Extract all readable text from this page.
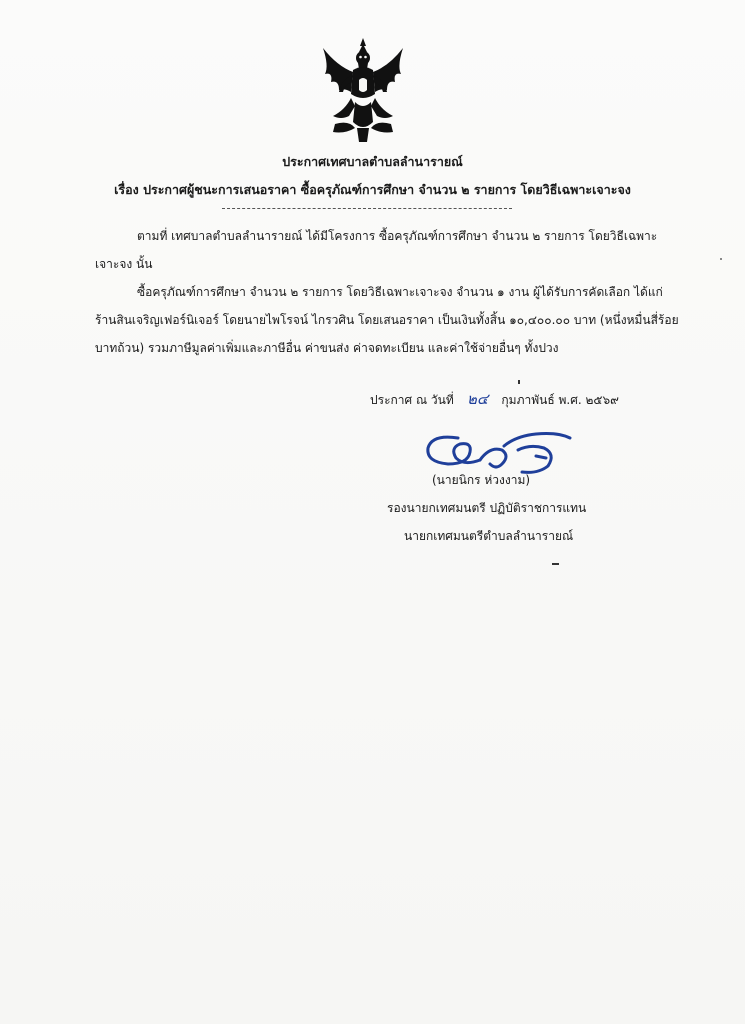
ประกาศเทศบาลตำบลลำนารายณ์
เรื่อง ประกาศผู้ชนะการเสนอราคา ซื้อครุภัณฑ์การศึกษา จำนวน ๒ รายการ โดยวิธีเฉพาะเจาะจง
ตามที่ เทศบาลตำบลลำนารายณ์ ได้มีโครงการ ซื้อครุภัณฑ์การศึกษา จำนวน ๒ รายการ โดยวิธีเฉพาะ
เจาะจง นั้น
ซื้อครุภัณฑ์การศึกษา จำนวน ๒ รายการ โดยวิธีเฉพาะเจาะจง จำนวน ๑ งาน ผู้ได้รับการคัดเลือก ได้แก่
ร้านสินเจริญเฟอร์นิเจอร์ โดยนายไพโรจน์ ไกรวศิน โดยเสนอราคา เป็นเงินทั้งสิ้น ๑๐,๔๐๐.๐๐ บาท (หนึ่งหมื่นสี่ร้อย
บาทถ้วน) รวมภาษีมูลค่าเพิ่มและภาษีอื่น ค่าขนส่ง ค่าจดทะเบียน และค่าใช้จ่ายอื่นๆ ทั้งปวง
ประกาศ ณ วันที่ ๒๔ กุมภาพันธ์ พ.ศ. ๒๕๖๙
(นายนิกร ห่วงงาม)
รองนายกเทศมนตรี ปฏิบัติราชการแทน
นายกเทศมนตรีตำบลลำนารายณ์
